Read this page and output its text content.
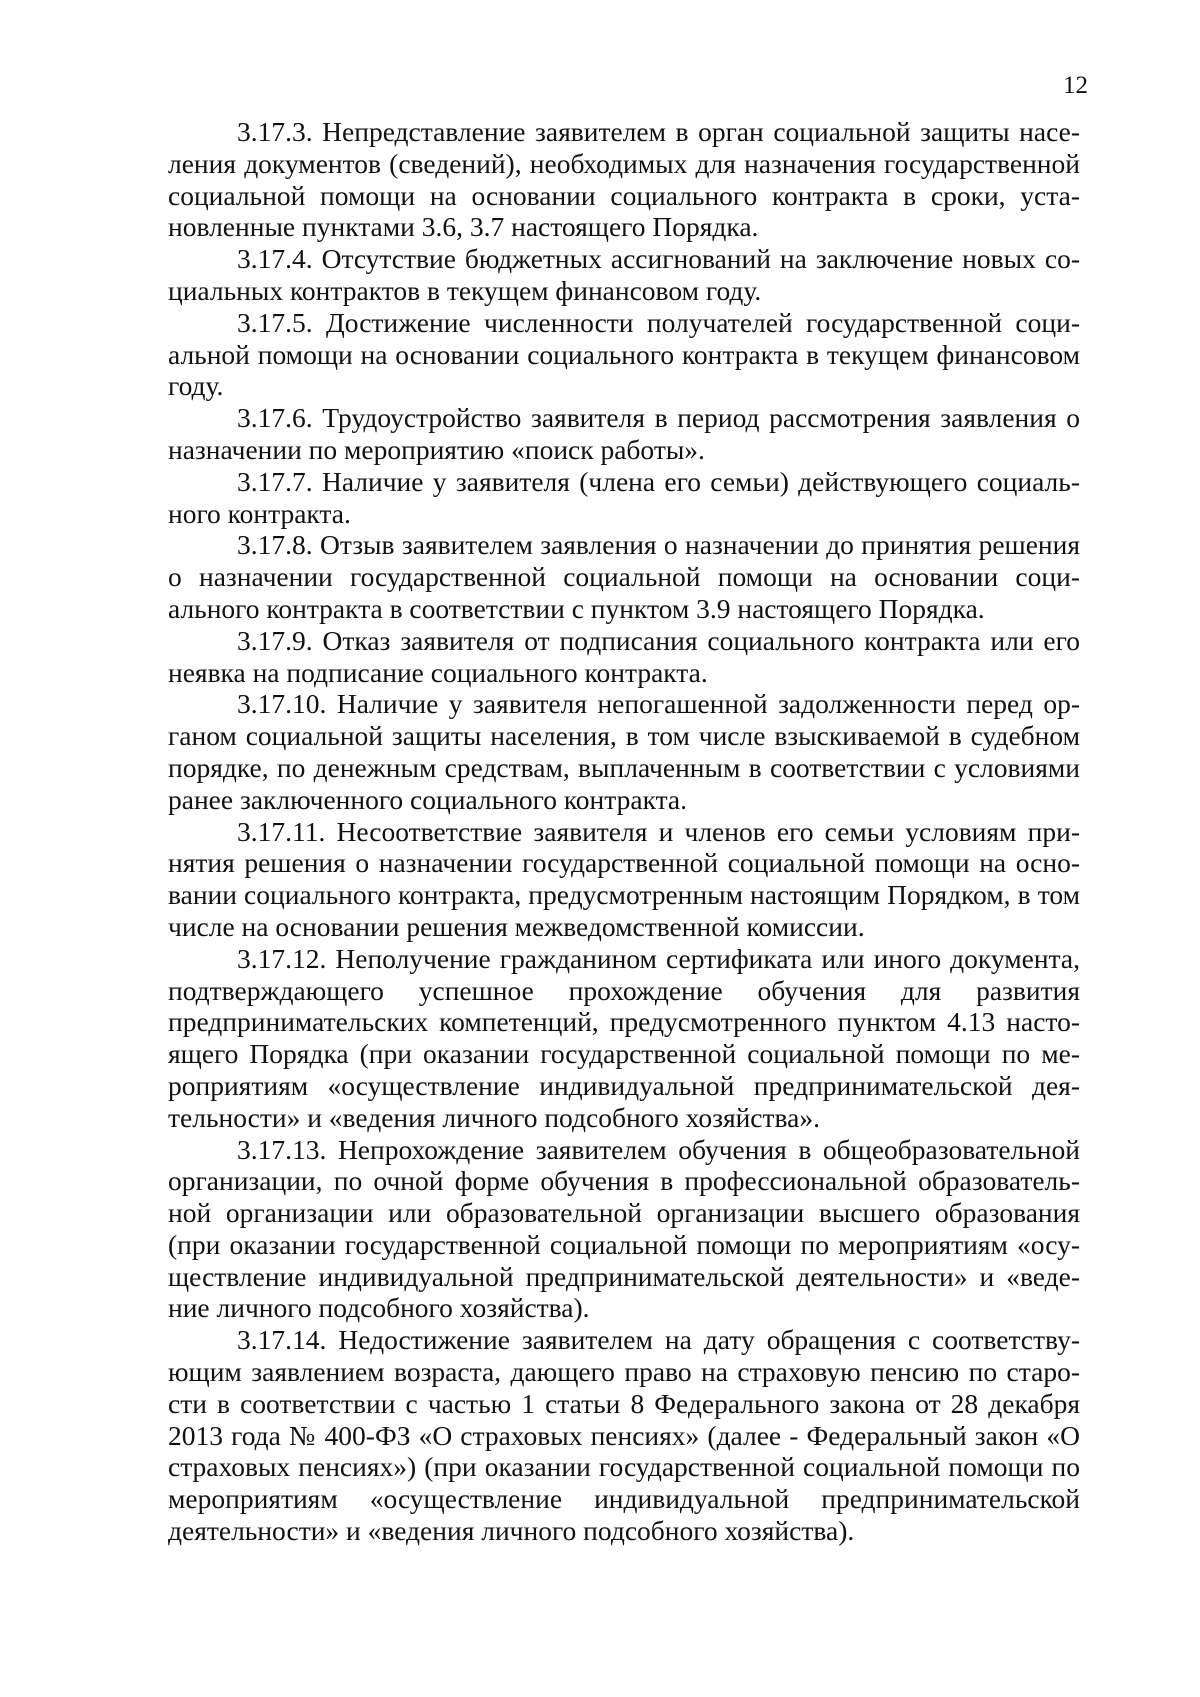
12

3.17.3. Непредставление заявителем в орган социальной защиты населения документов (сведений), необходимых для назначения государственной социальной помощи на основании социального контракта в сроки, установленные пунктами 3.6, 3.7 настоящего Порядка.

3.17.4. Отсутствие бюджетных ассигнований на заключение новых социальных контрактов в текущем финансовом году.

3.17.5. Достижение численности получателей государственной социальной помощи на основании социального контракта в текущем финансовом году.

3.17.6. Трудоустройство заявителя в период рассмотрения заявления о назначении по мероприятию «поиск работы».

3.17.7. Наличие у заявителя (члена его семьи) действующего социального контракта.

3.17.8. Отзыв заявителем заявления о назначении до принятия решения о назначении государственной социальной помощи на основании социального контракта в соответствии с пунктом 3.9 настоящего Порядка.

3.17.9. Отказ заявителя от подписания социального контракта или его неявка на подписание социального контракта.

3.17.10. Наличие у заявителя непогашенной задолженности перед органом социальной защиты населения, в том числе взыскиваемой в судебном порядке, по денежным средствам, выплаченным в соответствии с условиями ранее заключенного социального контракта.

3.17.11. Несоответствие заявителя и членов его семьи условиям принятия решения о назначении государственной социальной помощи на основании социального контракта, предусмотренным настоящим Порядком, в том числе на основании решения межведомственной комиссии.

3.17.12. Неполучение гражданином сертификата или иного документа, подтверждающего успешное прохождение обучения для развития предпринимательских компетенций, предусмотренного пунктом 4.13 настоящего Порядка (при оказании государственной социальной помощи по мероприятиям «осуществление индивидуальной предпринимательской деятельности» и «ведения личного подсобного хозяйства».

3.17.13. Непрохождение заявителем обучения в общеобразовательной организации, по очной форме обучения в профессиональной образовательной организации или образовательной организации высшего образования (при оказании государственной социальной помощи по мероприятиям «осуществление индивидуальной предпринимательской деятельности» и «ведение личного подсобного хозяйства).

3.17.14. Недостижение заявителем на дату обращения с соответствующим заявлением возраста, дающего право на страховую пенсию по старости в соответствии с частью 1 статьи 8 Федерального закона от 28 декабря 2013 года № 400-ФЗ «О страховых пенсиях» (далее - Федеральный закон «О страховых пенсиях») (при оказании государственной социальной помощи по мероприятиям «осуществление индивидуальной предпринимательской деятельности» и «ведения личного подсобного хозяйства).
